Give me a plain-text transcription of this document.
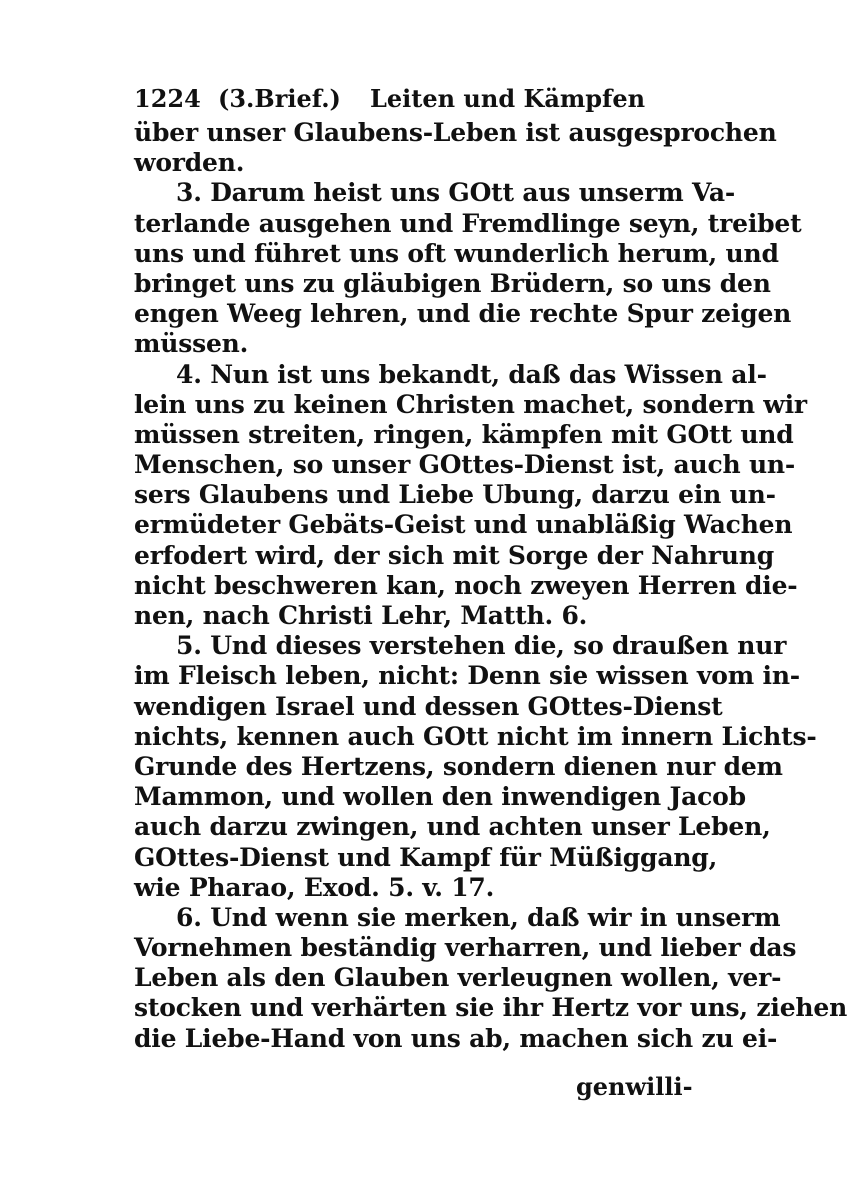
1224 (3.Brief.) Leiten und Kämpfen
über unser Glaubens-Leben ist ausgesprochen
worden.
3. Darum heist uns GOtt aus unserm Va-
terlande ausgehen und Fremdlinge seyn, treibet
uns und führet uns oft wunderlich herum, und
bringet uns zu gläubigen Brüdern, so uns den
engen Weeg lehren, und die rechte Spur zeigen
müssen.
4. Nun ist uns bekandt, daß das Wissen al-
lein uns zu keinen Christen machet, sondern wir
müssen streiten, ringen, kämpfen mit GOtt und
Menschen, so unser GOttes-Dienst ist, auch un-
sers Glaubens und Liebe Ubung, darzu ein un-
ermüdeter Gebäts-Geist und unabläßig Wachen
erfodert wird, der sich mit Sorge der Nahrung
nicht beschweren kan, noch zweyen Herren die-
nen, nach Christi Lehr, Matth. 6.
5. Und dieses verstehen die, so draußen nur
im Fleisch leben, nicht: Denn sie wissen vom in-
wendigen Israel und dessen GOttes-Dienst
nichts, kennen auch GOtt nicht im innern Lichts-
Grunde des Hertzens, sondern dienen nur dem
Mammon, und wollen den inwendigen Jacob
auch darzu zwingen, und achten unser Leben,
GOttes-Dienst und Kampf für Müßiggang,
wie Pharao, Exod. 5. v. 17.
6. Und wenn sie merken, daß wir in unserm
Vornehmen beständig verharren, und lieber das
Leben als den Glauben verleugnen wollen, ver-
stocken und verhärten sie ihr Hertz vor uns, ziehen
die Liebe-Hand von uns ab, machen sich zu ei-
genwilli-
